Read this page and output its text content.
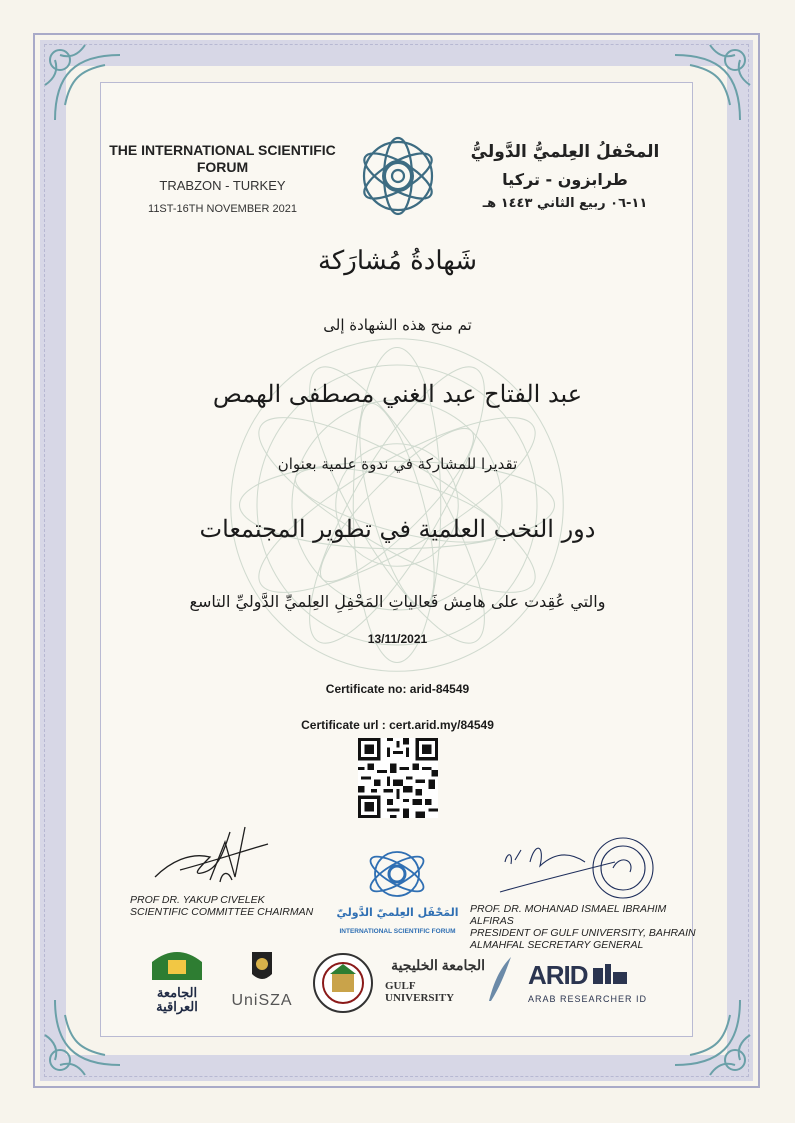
THE INTERNATIONAL SCIENTIFIC FORUM
TRABZON - TURKEY
11ST-16TH NOVEMBER 2021
المحْفلُ العِلميُّ الدَّوليُّ
طرابزون - تركيا
١١-٠٦ ربيع الثاني ١٤٤٣ هـ
شَهادةُ مُشارَكة
تم منح هذه الشهادة إلى
عبد الفتاح عبد الغني مصطفى الهمص
تقديرا للمشاركة في ندوة علمية بعنوان
دور النخب العلمية في تطوير المجتمعات
والتي عُقِدت على هامِش فَعالياتِ المَحْفِلِ العِلميِّ الدَّوليِّ التاسع
13/11/2021
Certificate no: arid-84549
Certificate url : cert.arid.my/84549
PROF DR. YAKUP CIVELEK
SCIENTIFIC COMMITTEE CHAIRMAN	PROF. DR. MOHANAD ISMAEL IBRAHIM ALFIRAS
PRESIDENT OF GULF UNIVERSITY, BAHRAIN
ALMAHFAL SECRETARY GENERAL
المَحْفَل العِلميّ الدَّوليّ
INTERNATIONAL SCIENTIFIC FORUM
الجامعة
العراقية	UniSZA
الجامعة الخليجية
GULF UNIVERSITY
ARID
ARAB RESEARCHER ID
